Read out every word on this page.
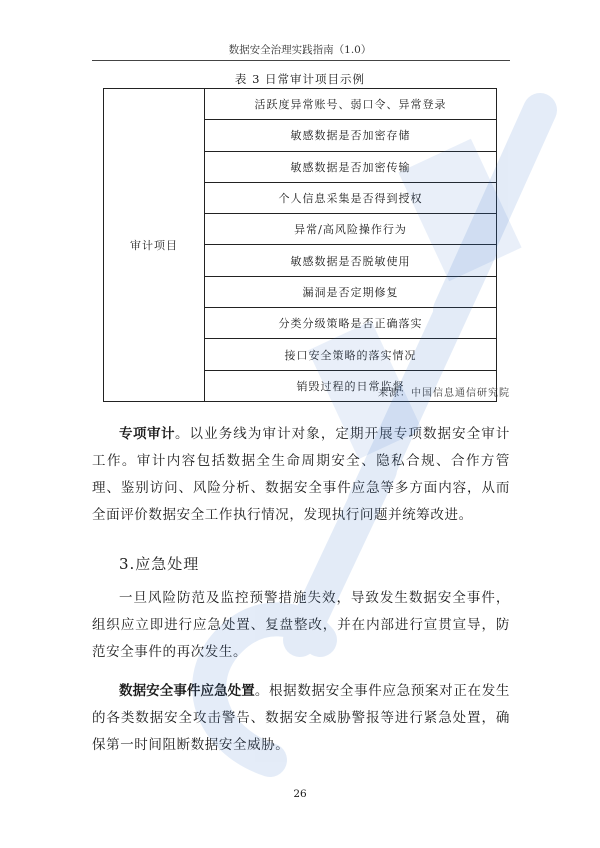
数据安全治理实践指南（1.0）
表 3 日常审计项目示例
审计项目	活跃度异常账号、弱口令、异常登录
敏感数据是否加密存储
敏感数据是否加密传输
个人信息采集是否得到授权
异常/高风险操作行为
敏感数据是否脱敏使用
漏洞是否定期修复
分类分级策略是否正确落实
接口安全策略的落实情况
销毁过程的日常监督
来源：中国信息通信研究院

专项审计。以业务线为审计对象，定期开展专项数据安全审计工作。审计内容包括数据全生命周期安全、隐私合规、合作方管理、鉴别访问、风险分析、数据安全事件应急等多方面内容，从而全面评价数据安全工作执行情况，发现执行问题并统筹改进。

3.应急处理

一旦风险防范及监控预警措施失效，导致发生数据安全事件，组织应立即进行应急处置、复盘整改，并在内部进行宣贯宣导，防范安全事件的再次发生。

数据安全事件应急处置。根据数据安全事件应急预案对正在发生的各类数据安全攻击警告、数据安全威胁警报等进行紧急处置，确保第一时间阻断数据安全威胁。

26
